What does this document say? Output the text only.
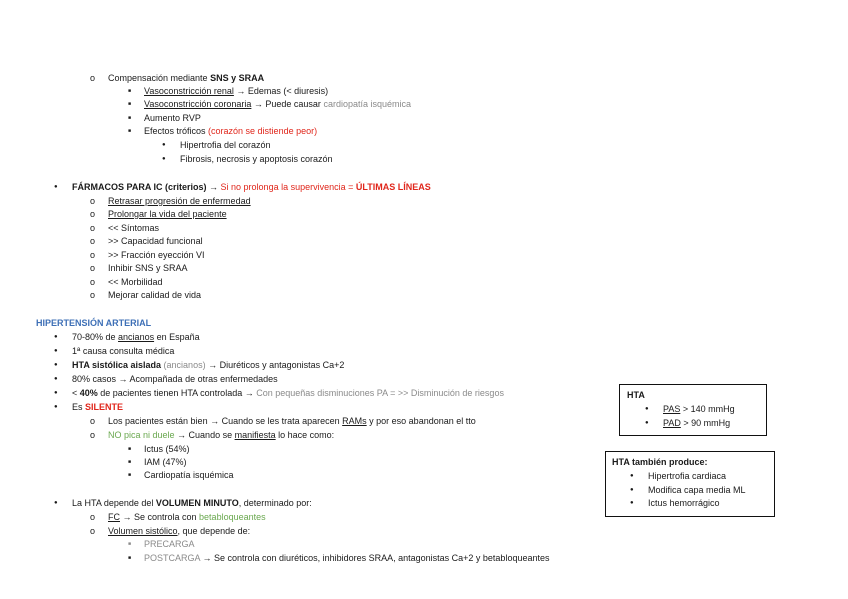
o Compensación mediante SNS y SRAA
■ Vasoconstricción renal → Edemas (< diuresis)
■ Vasoconstricción coronaria → Puede causar cardiopatía isquémica
■ Aumento RVP
■ Efectos tróficos (corazón se distiende peor)
● Hipertrofia del corazón
● Fibrosis, necrosis y apoptosis corazón
● FÁRMACOS PARA IC (criterios) → Si no prolonga la supervivencia = ÚLTIMAS LÍNEAS
o Retrasar progresión de enfermedad
o Prolongar la vida del paciente
o << Síntomas
o >> Capacidad funcional
o >> Fracción eyección VI
o Inhibir SNS y SRAA
o << Morbilidad
o Mejorar calidad de vida
HIPERTENSIÓN ARTERIAL
● 70-80% de ancianos en España
● 1ª causa consulta médica
● HTA sistólica aislada (ancianos) → Diuréticos y antagonistas Ca+2
● 80% casos → Acompañada de otras enfermedades
● < 40% de pacientes tienen HTA controlada → Con pequeñas disminuciones PA = >> Disminución de riesgos
● Es SILENTE
o Los pacientes están bien → Cuando se les trata aparecen RAMs y por eso abandonan el tto
o NO pica ni duele → Cuando se manifiesta lo hace como:
■ Ictus (54%)
■ IAM (47%)
■ Cardiopatía isquémica
● La HTA depende del VOLUMEN MINUTO, determinado por:
o FC → Se controla con betabloqueantes
o Volumen sistólico, que depende de:
■ PRECARGA
■ POSTCARGA → Se controla con diuréticos, inhibidores SRAA, antagonistas Ca+2 y betabloqueantes
HTA
● PAS > 140 mmHg
● PAD > 90 mmHg
HTA también produce:
● Hipertrofia cardiaca
● Modifica capa media ML
● Ictus hemorrágico
